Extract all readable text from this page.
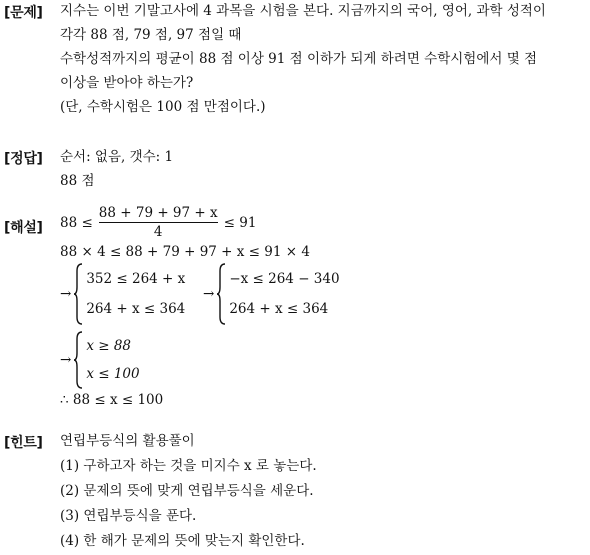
[문제] 지수는 이번 기말고사에 4 과목을 시험을 본다. 지금까지의 국어, 영어, 과학 성적이
각각 88 점, 79 점, 97 점일 때
수학성적까지의 평균이 88 점 이상 91 점 이하가 되게 하려면 수학시험에서 몇 점
이상을 받아야 하는가?
(단, 수학시험은 100 점 만점이다.)
[정답] 순서: 없음, 갯수: 1
88 점
[해설] $88 \le \frac{88 + 79 + 97 + x}{4} \le 91$
88 × 4 ≤ 88 + 79 + 97 + x ≤ 91 × 4
→
352 ≤ 264 + x
264 + x ≤ 364
→
−x ≤ 264 − 340
264 + x ≤ 364
→
x ≥ 88
x ≤ 100
∴ 88 ≤ x ≤ 100
[힌트] 연립부등식의 활용풀이
(1) 구하고자 하는 것을 미지수 x 로 놓는다.
(2) 문제의 뜻에 맞게 연립부등식을 세운다.
(3) 연립부등식을 푼다.
(4) 한 해가 문제의 뜻에 맞는지 확인한다.
